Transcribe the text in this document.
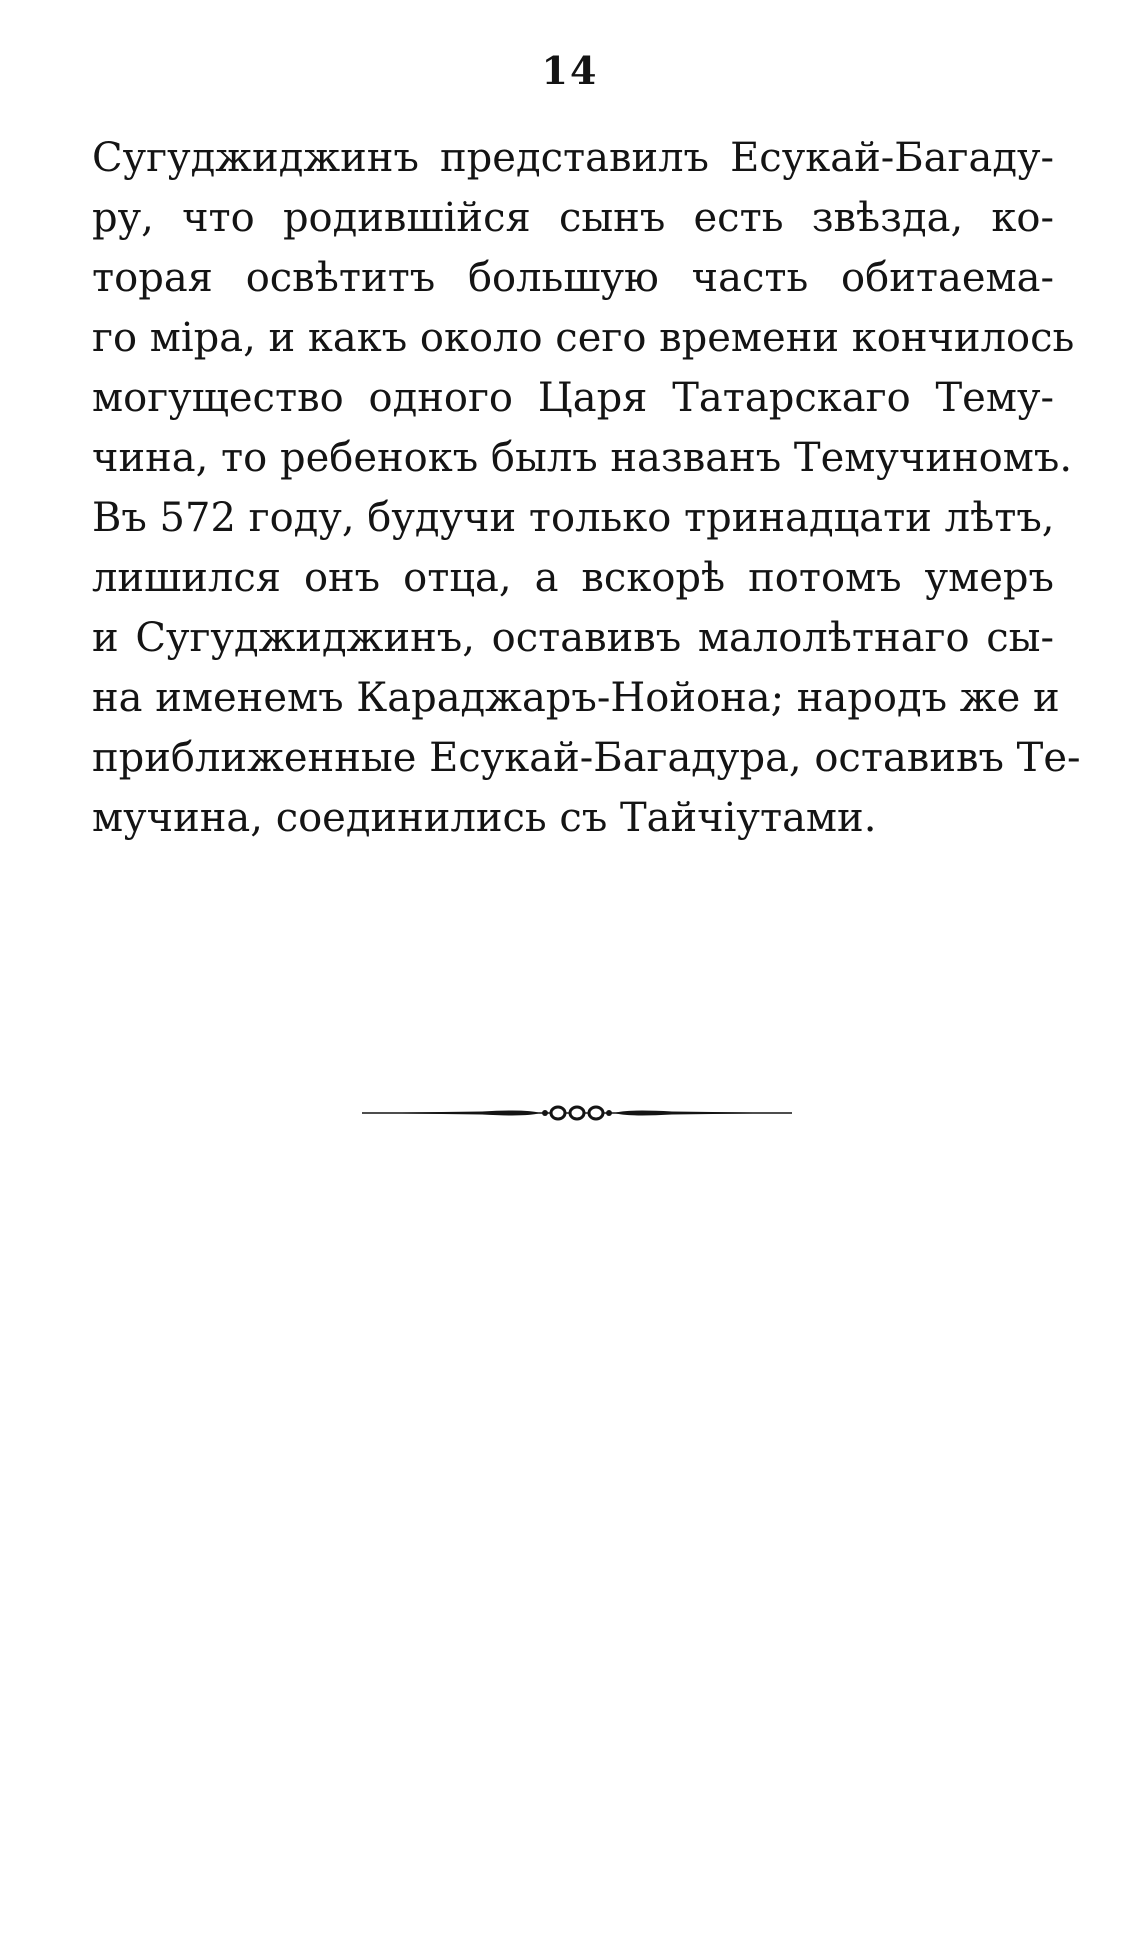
14
Сугуджиджинъ представилъ Есукай-Багаду-
ру, что родившійся сынъ есть звѣзда, ко-
торая освѣтитъ большую часть обитаема-
го міра, и какъ около сего времени кончилось
могущество одного Царя Татарскаго Тему-
чина, то ребенокъ былъ названъ Темучиномъ.
Въ 572 году, будучи только тринадцати лѣтъ,
лишился онъ отца, а вскорѣ потомъ умеръ
и Сугуджиджинъ, оставивъ малолѣтнаго сы-
на именемъ Караджаръ-Нойона; народъ же и
приближенные Есукай-Багадура, оставивъ Те-
мучина, соединились съ Тайчіутами.
